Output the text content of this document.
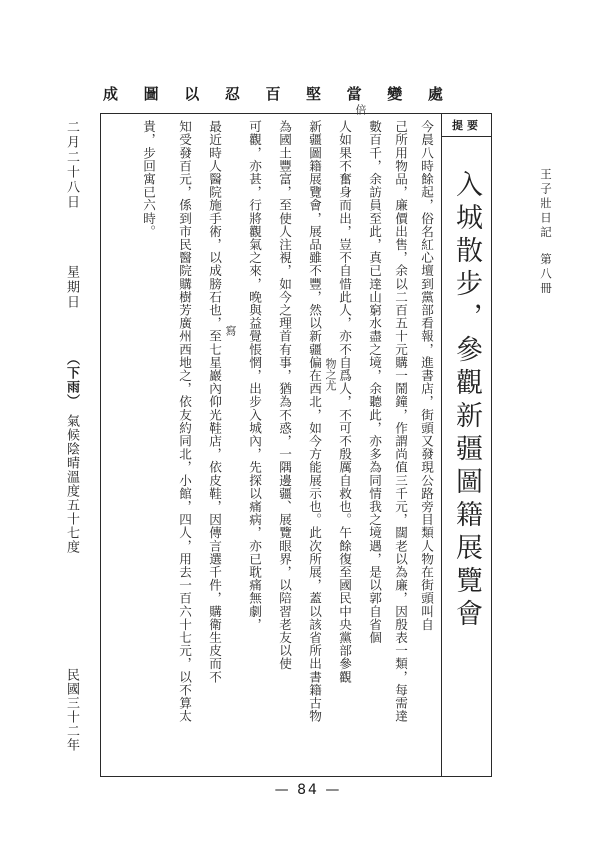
成 圖 以 忍 百 堅 當 變 處
提要
入城散步，參觀新疆圖籍展覽會
今晨八時餘起，俗名紅心壇到黨部看報，進書店，街頭又發現公路旁目類人物在街頭叫自
己所用物品，廉價出售，余以二百五十元購一鬧鐘，作謂尚值三千元，闊老以為廉，因殷表一類，每需達
數百千，余訪員至此，真已達山窮水盡之境，余聽此，亦多為同情我之境遇，是以郭自省個
人如果不奮身而出，豈不自惜此人，亦不自爲人，不可不殷厲自救也。午餘復至國民中央黨部參觀
新疆圖籍展覽會，展品雖不豐，然以新疆偏在西北，如今方能展示也。此次所展，蓋以該省所出書籍古物
為國土豐富，至使人注視，如今之理首有事，猶為不惑，一隅邊疆、展覽眼界，以陪習老友以使
可觀，亦甚，行將觀氣之來，晚與益覺悵惘，出步入城內，先探以痛病，亦已耽痛無劇，
最近時人醫院施手術，以成膀石也，至七星巖內仰光鞋店，依皮鞋，因傳言選千件，購衛生皮而不
知受發百元，係到市民醫院購樹芳廣州西地之，依友約同北，小館，四人，用去一百六十七元，以不算太
貴，步回寓已六時。
倍
物之尤
寫
王子壯日記第八冊
二月二十八日
星期日
（下雨）
氣候陰晴溫度五十七度
民國三十二年
— 84 —
